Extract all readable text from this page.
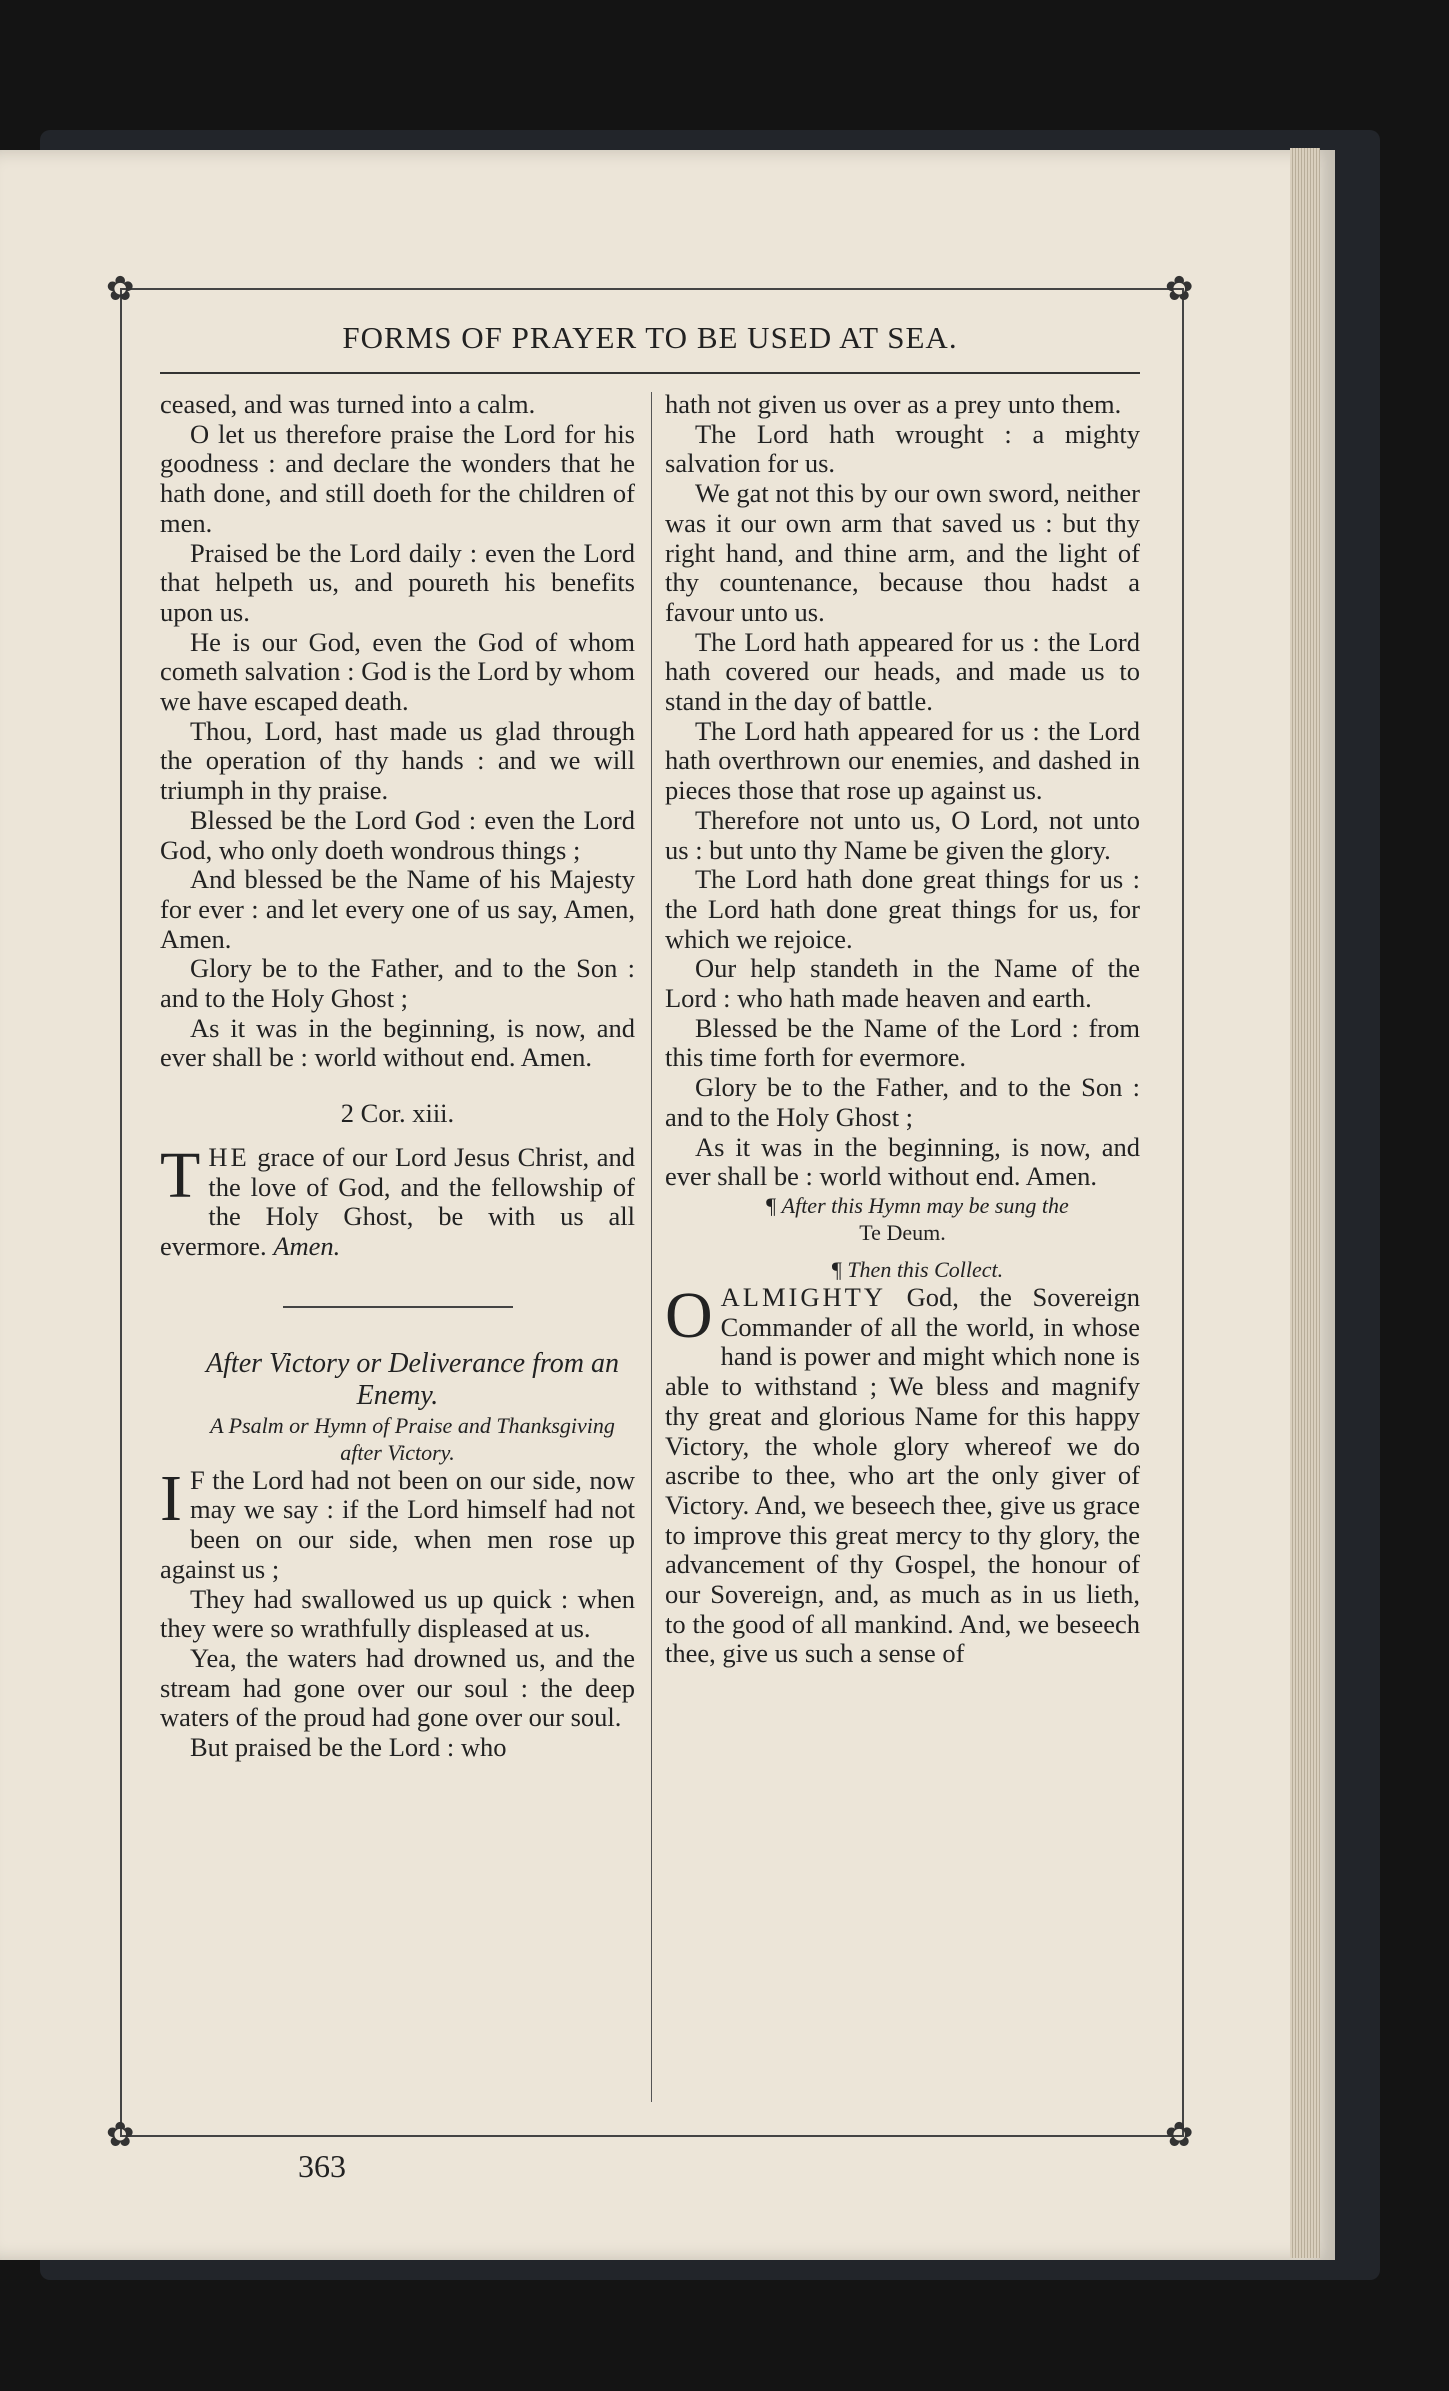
✿	✿
✿	✿
FORMS OF PRAYER TO BE USED AT SEA.

ceased, and was turned into a calm.

O let us therefore praise the Lord for his goodness : and declare the wonders that he hath done, and still doeth for the children of men.

Praised be the Lord daily : even the Lord that helpeth us, and poureth his benefits upon us.

He is our God, even the God of whom cometh salvation : God is the Lord by whom we have escaped death.

Thou, Lord, hast made us glad through the operation of thy hands : and we will triumph in thy praise.

Blessed be the Lord God : even the Lord God, who only doeth wondrous things ;

And blessed be the Name of his Majesty for ever : and let every one of us say, Amen, Amen.

Glory be to the Father, and to the Son : and to the Holy Ghost ;

As it was in the beginning, is now, and ever shall be : world without end. Amen.

2 Cor. xiii.

THE grace of our Lord Jesus Christ, and the love of God, and the fellowship of the Holy Ghost, be with us all evermore. Amen.

After Victory or Deliverance from an Enemy.

A Psalm or Hymn of Praise and Thanksgiving after Victory.

I F the Lord had not been on our side, now may we say : if the Lord himself had not been on our side, when men rose up against us ;

They had swallowed us up quick : when they were so wrathfully displeased at us.

Yea, the waters had drowned us, and the stream had gone over our soul : the deep waters of the proud had gone over our soul.

But praised be the Lord : who

hath not given us over as a prey unto them.

The Lord hath wrought : a mighty salvation for us.

We gat not this by our own sword, neither was it our own arm that saved us : but thy right hand, and thine arm, and the light of thy countenance, because thou hadst a favour unto us.

The Lord hath appeared for us : the Lord hath covered our heads, and made us to stand in the day of battle.

The Lord hath appeared for us : the Lord hath overthrown our enemies, and dashed in pieces those that rose up against us.

Therefore not unto us, O Lord, not unto us : but unto thy Name be given the glory.

The Lord hath done great things for us : the Lord hath done great things for us, for which we rejoice.

Our help standeth in the Name of the Lord : who hath made heaven and earth.

Blessed be the Name of the Lord : from this time forth for evermore.

Glory be to the Father, and to the Son : and to the Holy Ghost ;

As it was in the beginning, is now, and ever shall be : world without end. Amen.

¶ After this Hymn may be sung the
Te Deum.

¶ Then this Collect.

OALMIGHTY God, the Sovereign Commander of all the world, in whose hand is power and might which none is able to withstand ; We bless and magnify thy great and glorious Name for this happy Victory, the whole glory whereof we do ascribe to thee, who art the only giver of Victory. And, we beseech thee, give us grace to improve this great mercy to thy glory, the advancement of thy Gospel, the honour of our Sovereign, and, as much as in us lieth, to the good of all mankind. And, we beseech thee, give us such a sense of

363
